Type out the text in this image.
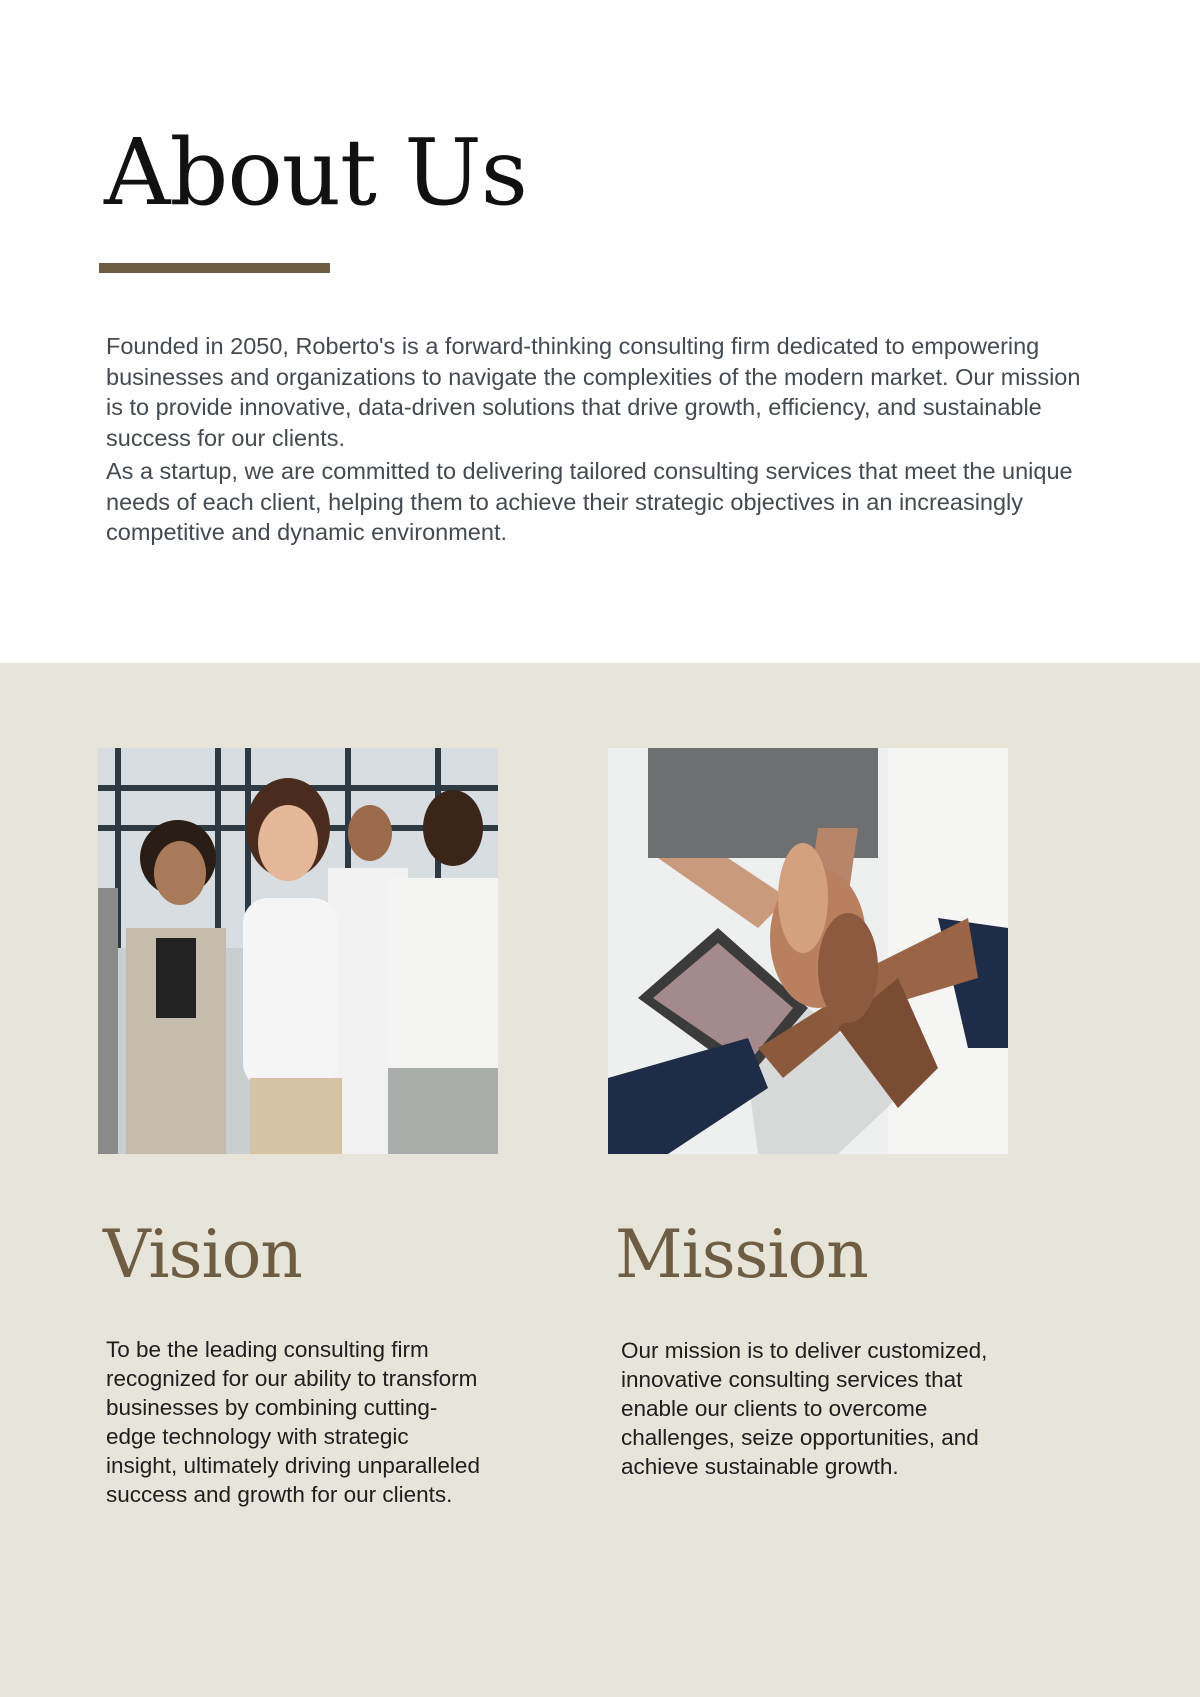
About Us

Founded in 2050, Roberto's is a forward-thinking consulting firm dedicated to empowering businesses and organizations to navigate the complexities of the modern market. Our mission is to provide innovative, data-driven solutions that drive growth, efficiency, and sustainable success for our clients.

As a startup, we are committed to delivering tailored consulting services that meet the unique needs of each client, helping them to achieve their strategic objectives in an increasingly competitive and dynamic environment.

Vision

To be the leading consulting firm recognized for our ability to transform businesses by combining cutting-edge technology with strategic insight, ultimately driving unparalleled success and growth for our clients.

Mission

Our mission is to deliver customized, innovative consulting services that enable our clients to overcome challenges, seize opportunities, and achieve sustainable growth.
